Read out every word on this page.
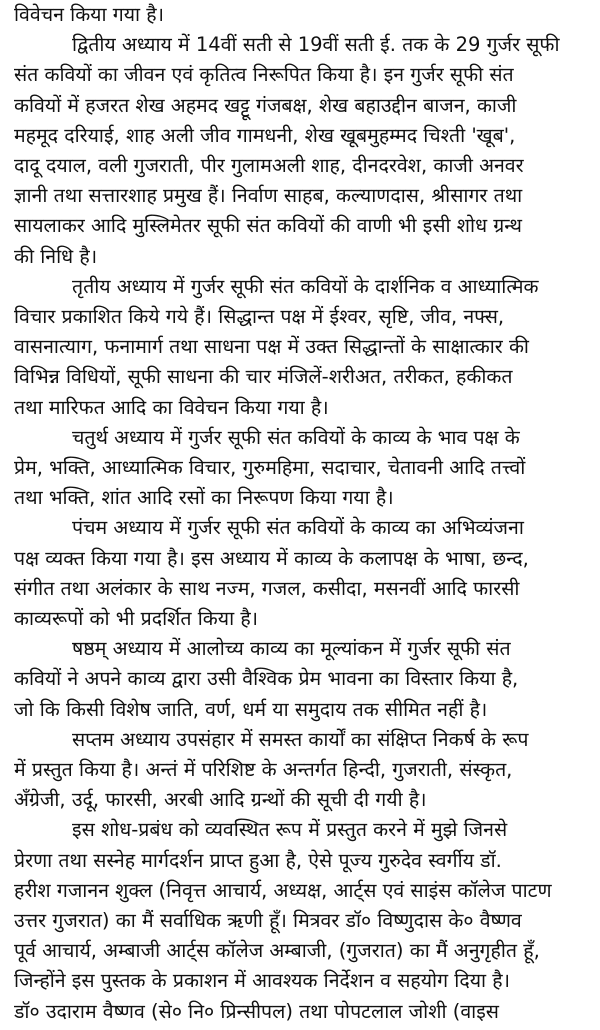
विवेचन किया गया है।
द्वितीय अध्याय में 14वीं सती से 19वीं सती ई. तक के 29 गुर्जर सूफी
संत कवियों का जीवन एवं कृतित्व निरूपित किया है। इन गुर्जर सूफी संत
कवियों में हजरत शेख अहमद खट्टू गंजबक्ष, शेख बहाउद्दीन बाजन, काजी
महमूद दरियाई, शाह अली जीव गामधनी, शेख खूबमुहम्मद चिश्ती 'खूब',
दादू दयाल, वली गुजराती, पीर गुलामअली शाह, दीनदरवेश, काजी अनवर
ज्ञानी तथा सत्तारशाह प्रमुख हैं। निर्वाण साहब, कल्याणदास, श्रीसागर तथा
सायलाकर आदि मुस्लिमेतर सूफी संत कवियों की वाणी भी इसी शोध ग्रन्थ
की निधि है।
तृतीय अध्याय में गुर्जर सूफी संत कवियों के दार्शनिक व आध्यात्मिक
विचार प्रकाशित किये गये हैं। सिद्धान्त पक्ष में ईश्वर, सृष्टि, जीव, नफ्स,
वासनात्याग, फनामार्ग तथा साधना पक्ष में उक्त सिद्धान्तों के साक्षात्कार की
विभिन्न विधियों, सूफी साधना की चार मंजिलें-शरीअत, तरीकत, हकीकत
तथा मारिफत आदि का विवेचन किया गया है।
चतुर्थ अध्याय में गुर्जर सूफी संत कवियों के काव्य के भाव पक्ष के
प्रेम, भक्ति, आध्यात्मिक विचार, गुरुमहिमा, सदाचार, चेतावनी आदि तत्त्वों
तथा भक्ति, शांत आदि रसों का निरूपण किया गया है।
पंचम अध्याय में गुर्जर सूफी संत कवियों के काव्य का अभिव्यंजना
पक्ष व्यक्त किया गया है। इस अध्याय में काव्य के कलापक्ष के भाषा, छन्द,
संगीत तथा अलंकार के साथ नज्म, गजल, कसीदा, मसनवीं आदि फारसी
काव्यरूपों को भी प्रदर्शित किया है।
षष्ठम् अध्याय में आलोच्य काव्य का मूल्यांकन में गुर्जर सूफी संत
कवियों ने अपने काव्य द्वारा उसी वैश्विक प्रेम भावना का विस्तार किया है,
जो कि किसी विशेष जाति, वर्ण, धर्म या समुदाय तक सीमित नहीं है।
सप्तम अध्याय उपसंहार में समस्त कार्यों का संक्षिप्त निकर्ष के रूप
में प्रस्तुत किया है। अन्तं में परिशिष्ट के अन्तर्गत हिन्दी, गुजराती, संस्कृत,
अँग्रेजी, उर्दू, फारसी, अरबी आदि ग्रन्थों की सूची दी गयी है।
इस शोध-प्रबंध को व्यवस्थित रूप में प्रस्तुत करने में मुझे जिनसे
प्रेरणा तथा सस्नेह मार्गदर्शन प्राप्त हुआ है, ऐसे पूज्य गुरुदेव स्वर्गीय डॉ.
हरीश गजानन शुक्ल (निवृत्त आचार्य, अध्यक्ष, आर्ट्स एवं साइंस कॉलेज पाटण
उत्तर गुजरात) का मैं सर्वाधिक ऋणी हूँ। मित्रवर डॉ० विष्णुदास के० वैष्णव
पूर्व आचार्य, अम्बाजी आर्ट्स कॉलेज अम्बाजी, (गुजरात) का मैं अनुगृहीत हूँ,
जिन्होंने इस पुस्तक के प्रकाशन में आवश्यक निर्देशन व सहयोग दिया है।
डॉ० उदाराम वैष्णव (से० नि० प्रिन्सीपल) तथा पोपटलाल जोशी (वाइस
